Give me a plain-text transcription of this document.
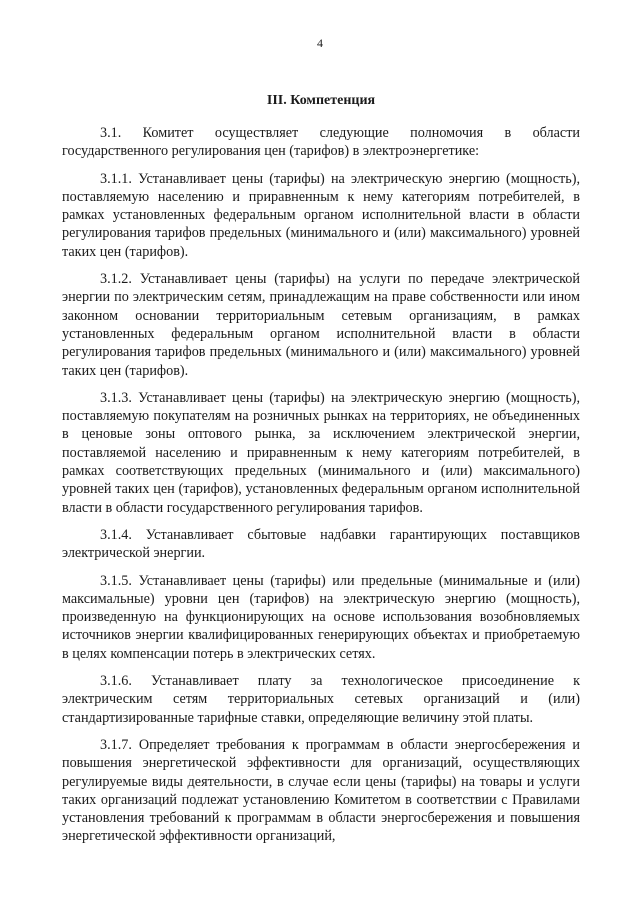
4
III. Компетенция

3.1. Комитет осуществляет следующие полномочия в области государственного регулирования цен (тарифов) в электроэнергетике:

3.1.1. Устанавливает цены (тарифы) на электрическую энергию (мощность), поставляемую населению и приравненным к нему категориям потребителей, в рамках установленных федеральным органом исполнительной власти в области регулирования тарифов предельных (минимального и (или) максимального) уровней таких цен (тарифов).

3.1.2. Устанавливает цены (тарифы) на услуги по передаче электрической энергии по электрическим сетям, принадлежащим на праве собственности или ином законном основании территориальным сетевым организациям, в рамках установленных федеральным органом исполнительной власти в области регулирования тарифов предельных (минимального и (или) максимального) уровней таких цен (тарифов).

3.1.3. Устанавливает цены (тарифы) на электрическую энергию (мощность), поставляемую покупателям на розничных рынках на территориях, не объединенных в ценовые зоны оптового рынка, за исключением электрической энергии, поставляемой населению и приравненным к нему категориям потребителей, в рамках соответствующих предельных (минимального и (или) максимального) уровней таких цен (тарифов), установленных федеральным органом исполнительной власти в области государственного регулирования тарифов.

3.1.4. Устанавливает сбытовые надбавки гарантирующих поставщиков электрической энергии.

3.1.5. Устанавливает цены (тарифы) или предельные (минимальные и (или) максимальные) уровни цен (тарифов) на электрическую энергию (мощность), произведенную на функционирующих на основе использования возобновляемых источников энергии квалифицированных генерирующих объектах и приобретаемую в целях компенсации потерь в электрических сетях.

3.1.6. Устанавливает плату за технологическое присоединение к электрическим сетям территориальных сетевых организаций и (или) стандартизированные тарифные ставки, определяющие величину этой платы.

3.1.7. Определяет требования к программам в области энергосбережения и повышения энергетической эффективности для организаций, осуществляющих регулируемые виды деятельности, в случае если цены (тарифы) на товары и услуги таких организаций подлежат установлению Комитетом в соответствии с Правилами установления требований к программам в области энергосбережения и повышения энергетической эффективности организаций,
